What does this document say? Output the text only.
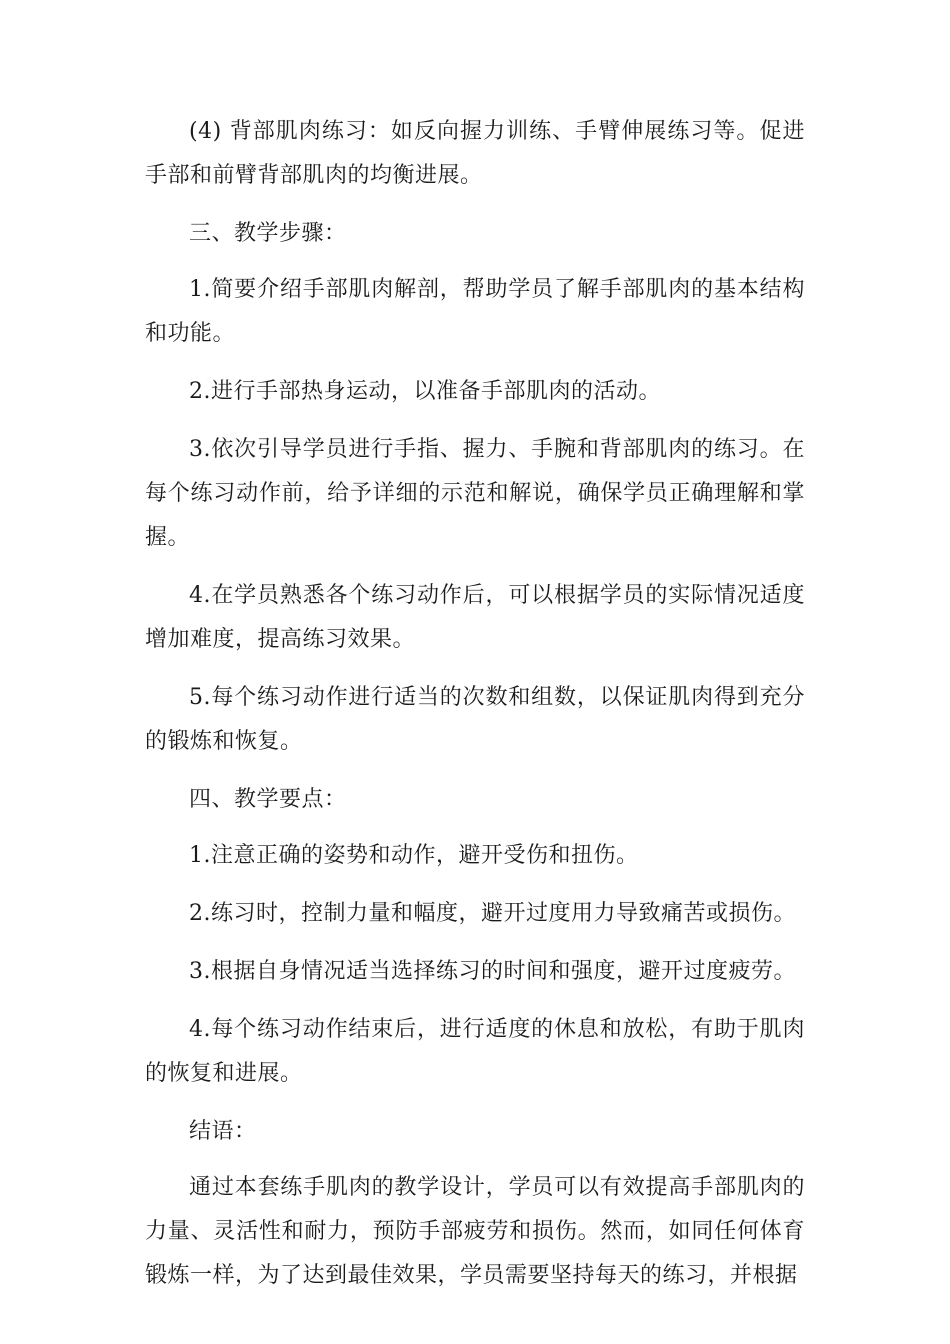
(4) 背部肌肉练习：如反向握力训练、手臂伸展练习等。促进手部和前臂背部肌肉的均衡进展。

三、教学步骤：

1.简要介绍手部肌肉解剖，帮助学员了解手部肌肉的基本结构和功能。

2.进行手部热身运动，以准备手部肌肉的活动。

3.依次引导学员进行手指、握力、手腕和背部肌肉的练习。在每个练习动作前，给予详细的示范和解说，确保学员正确理解和掌握。

4.在学员熟悉各个练习动作后，可以根据学员的实际情况适度增加难度，提高练习效果。

5.每个练习动作进行适当的次数和组数，以保证肌肉得到充分的锻炼和恢复。

四、教学要点：

1.注意正确的姿势和动作，避开受伤和扭伤。

2.练习时，控制力量和幅度，避开过度用力导致痛苦或损伤。

3.根据自身情况适当选择练习的时间和强度，避开过度疲劳。

4.每个练习动作结束后，进行适度的休息和放松，有助于肌肉的恢复和进展。

结语：

通过本套练手肌肉的教学设计，学员可以有效提高手部肌肉的力量、灵活性和耐力，预防手部疲劳和损伤。然而，如同任何体育锻炼一样，为了达到最佳效果，学员需要坚持每天的练习，并根据
